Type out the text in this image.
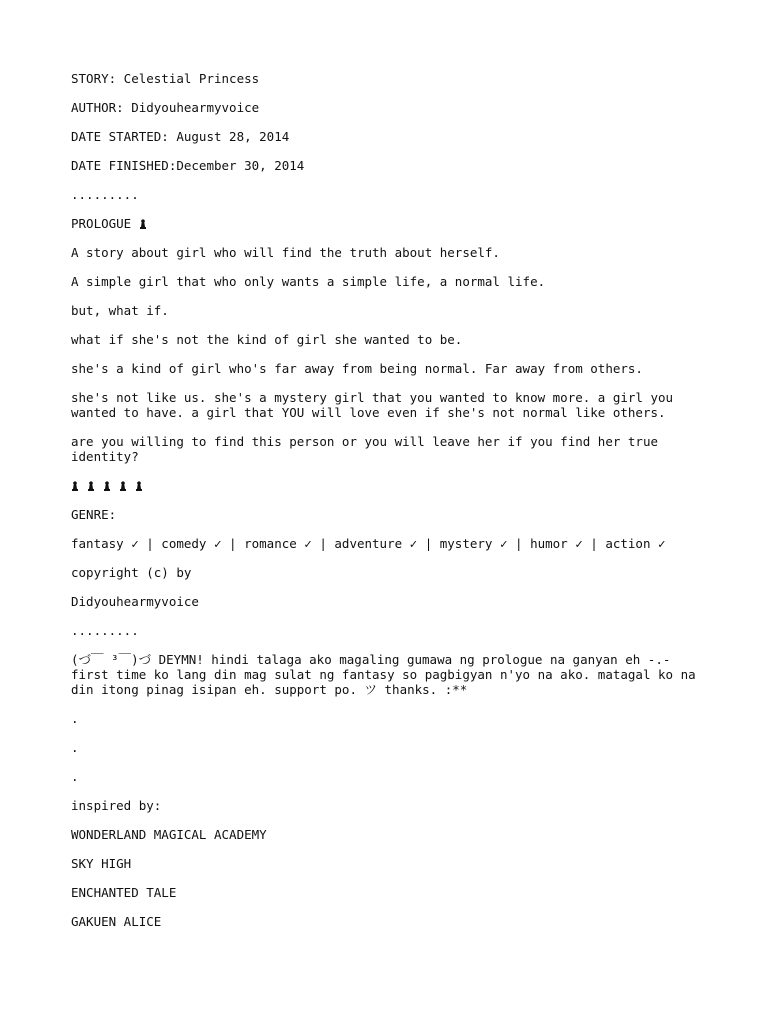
STORY: Celestial Princess
AUTHOR: Didyouhearmyvoice
DATE STARTED: August 28, 2014
DATE FINISHED:December 30, 2014
.........
PROLOGUE
A story about girl who will find the truth about herself.
A simple girl that who only wants a simple life, a normal life.
but, what if.
what if she's not the kind of girl she wanted to be.
she's a kind of girl who's far away from being normal. Far away from others.
she's not like us. she's a mystery girl that you wanted to know more. a girl you wanted to have. a girl that YOU will love even if she's not normal like others.
are you willing to find this person or you will leave her if you find her true identity?
GENRE:
fantasy ✓ | comedy ✓ | romance ✓ | adventure ✓ | mystery ✓ | humor ✓ | action ✓
copyright (c) by
Didyouhearmyvoice
.........
(づ￣ ³￣)づ DEYMN! hindi talaga ako magaling gumawa ng prologue na ganyan eh -.- first time ko lang din mag sulat ng fantasy so pagbigyan n'yo na ako. matagal ko na din itong pinag isipan eh. support po. ツ thanks. :**
.
.
.
inspired by:
WONDERLAND MAGICAL ACADEMY
SKY HIGH
ENCHANTED TALE
GAKUEN ALICE
